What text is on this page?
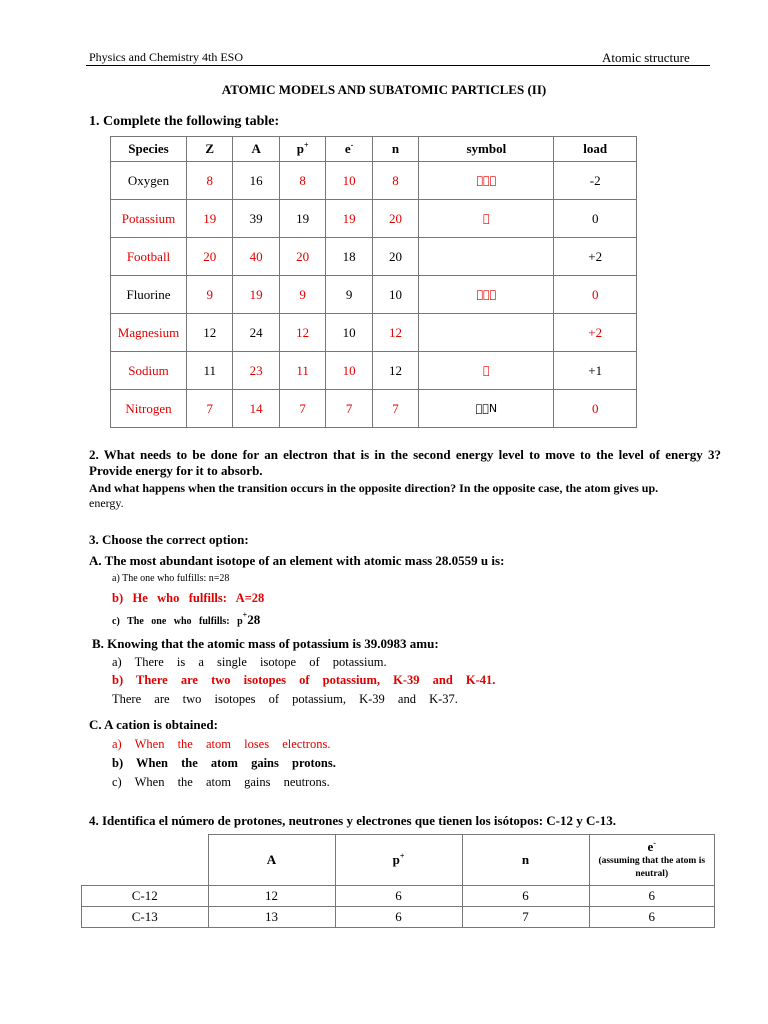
Physics and Chemistry 4th ESO	Atomic structure
ATOMIC MODELS AND SUBATOMIC PARTICLES (II)
1. Complete the following table:
Species	Z	A	p+	e-	n	symbol	load
Oxygen	8	16	8	10	8		-2
Potassium	19	39	19	19	20		0
Football	20	40	20	18	20		+2
Fluorine	9	19	9	9	10		0
Magnesium	12	24	12	10	12		+2
Sodium	11	23	11	10	12		+1
Nitrogen	7	14	7	7	7	N	0
2. What needs to be done for an electron that is in the second energy level to move to the level of energy 3? Provide energy for it to absorb.
And what happens when the transition occurs in the opposite direction? In the opposite case, the atom gives up.
energy.
3. Choose the correct option:
A. The most abundant isotope of an element with atomic mass 28.0559 u is:
a) The one who fulfills: n=28
b)   He   who   fulfills:   A=28
c)   The   one   who   fulfills:   p+28
B. Knowing that the atomic mass of potassium is 39.0983 amu:
a) There is a single isotope of potassium.
b) There are two isotopes of potassium, K-39 and K-41.
There are two isotopes of potassium, K-39 and K-37.
C. A cation is obtained:
a) When the atom loses electrons.
b) When the atom gains protons.
c) When the atom gains neutrons.
4. Identifica el número de protones, neutrones y electrones que tienen los isótopos: C-12 y C-13.
	A	p+	n	e-
(assuming that the atom is neutral)

C-12	12	6	6	6
C-13	13	6	7	6
